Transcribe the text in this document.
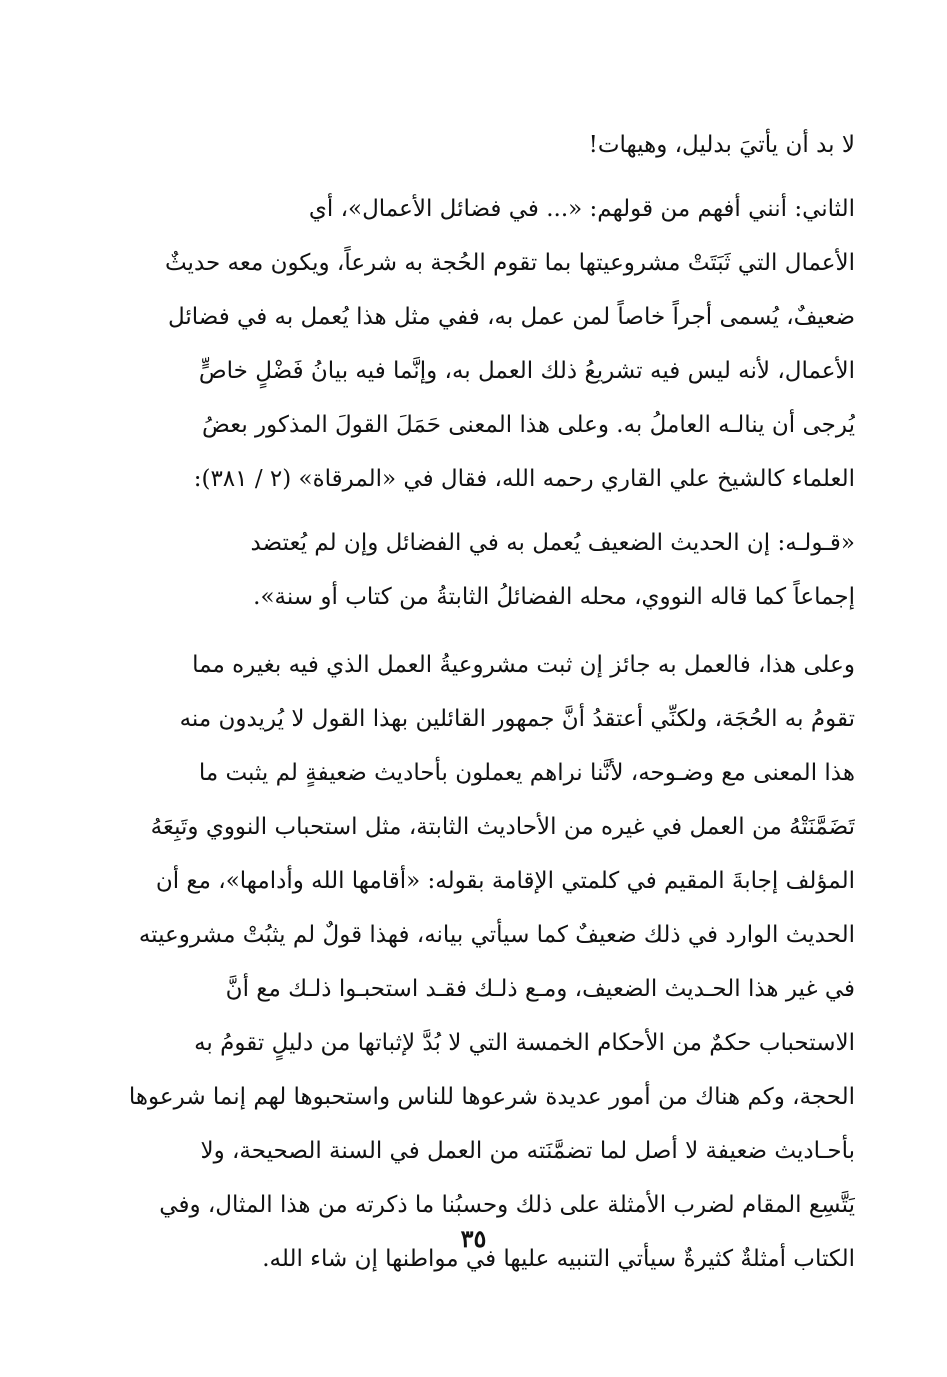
لا بد أن يأتيَ بدليل، وهيهات!
الثاني: أنني أفهم من قولهم: «... في فضائل الأعمال»، أي
الأعمال التي ثَبَتَتْ مشروعيتها بما تقوم الحُجة به شرعاً، ويكون معه حديثٌ
ضعيفٌ، يُسمى أجراً خاصاً لمن عمل به، ففي مثل هذا يُعمل به في فضائل
الأعمال، لأنه ليس فيه تشريعُ ذلك العمل به، وإنَّما فيه بيانُ فَضْلٍ خاصٍّ
يُرجى أن ينالـه العاملُ به. وعلى هذا المعنى حَمَلَ القولَ المذكور بعضُ
العلماء كالشيخ علي القاري رحمه الله، فقال في «المرقاة» (٢ / ٣٨١):
«قـولـه: إن الحديث الضعيف يُعمل به في الفضائل وإن لم يُعتضد
إجماعاً كما قاله النووي، محله الفضائلُ الثابتةُ من كتاب أو سنة».
وعلى هذا، فالعمل به جائز إن ثبت مشروعيةُ العمل الذي فيه بغيره مما
تقومُ به الحُجَة، ولكنِّي أعتقدُ أنَّ جمهور القائلين بهذا القول لا يُريدون منه
هذا المعنى مع وضـوحه، لأنَّنا نراهم يعملون بأحاديث ضعيفةٍ لم يثبت ما
تَضَمَّنَتْهُ من العمل في غيره من الأحاديث الثابتة، مثل استحباب النووي وتَبِعَهُ
المؤلف إجابةَ المقيم في كلمتي الإقامة بقوله: «أقامها الله وأدامها»، مع أن
الحديث الوارد في ذلك ضعيفٌ كما سيأتي بيانه، فهذا قولٌ لم يثبُتْ مشروعيته
في غير هذا الحـديث الضعيف، ومـع ذلـك فقـد استحبـوا ذلـك مع أنَّ
الاستحباب حكمٌ من الأحكام الخمسة التي لا بُدَّ لإثباتها من دليلٍ تقومُ به
الحجة، وكم هناك من أمور عديدة شرعوها للناس واستحبوها لهم إنما شرعوها
بأحـاديث ضعيفة لا أصل لما تضمَّنَته من العمل في السنة الصحيحة، ولا
يَتَّسِع المقام لضرب الأمثلة على ذلك وحسبُنا ما ذكرته من هذا المثال، وفي
الكتاب أمثلةٌ كثيرةٌ سيأتي التنبيه عليها في مواطنها إن شاء الله.
٣٥
